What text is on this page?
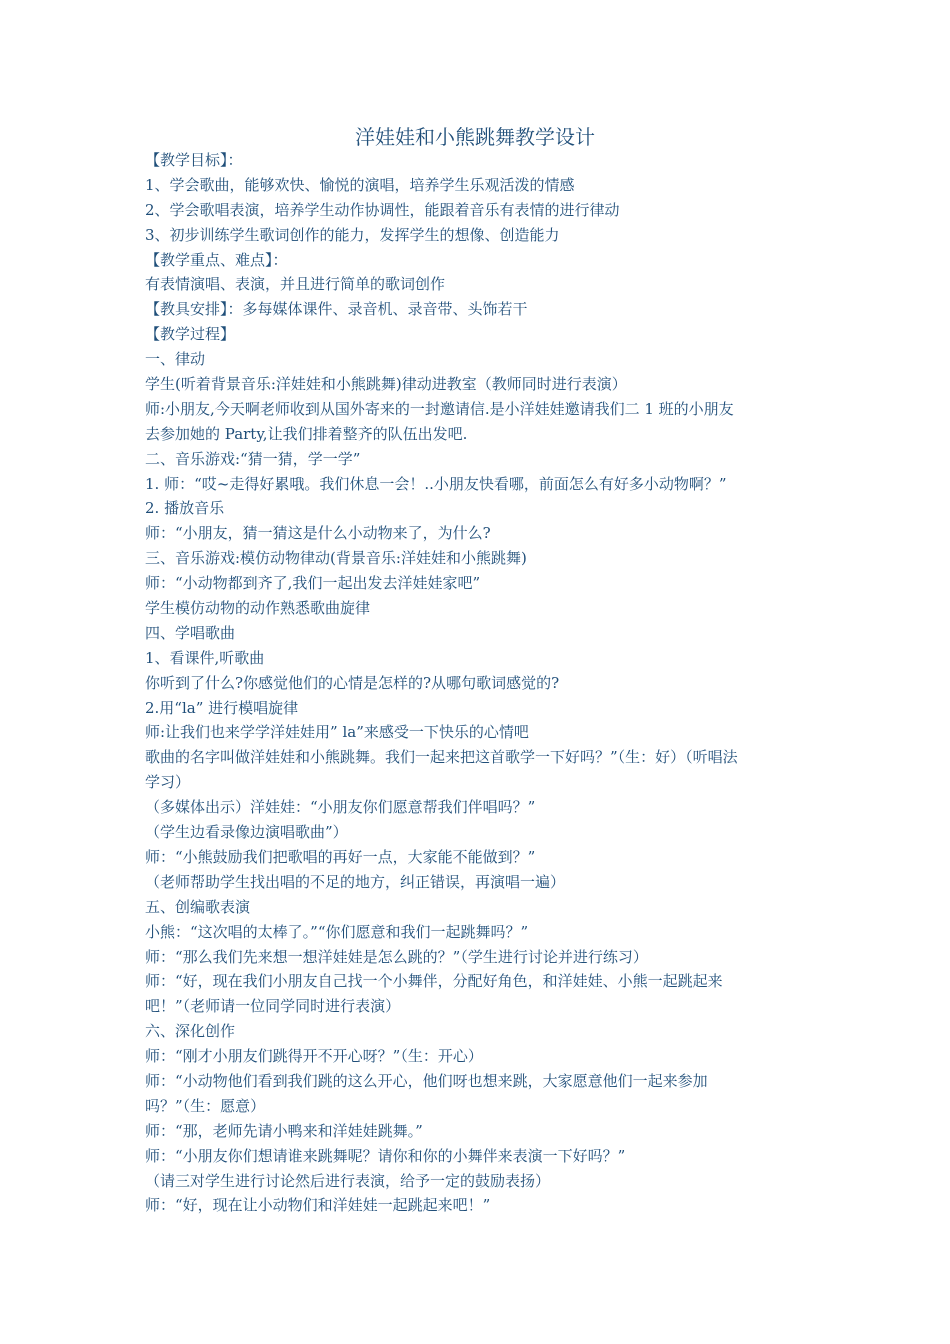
洋娃娃和小熊跳舞教学设计
【教学目标】：
1、学会歌曲，能够欢快、愉悦的演唱，培养学生乐观活泼的情感
2、学会歌唱表演，培养学生动作协调性，能跟着音乐有表情的进行律动
3、初步训练学生歌词创作的能力，发挥学生的想像、创造能力
【教学重点、难点】：
有表情演唱、表演，并且进行简单的歌词创作
【教具安排】：多每媒体课件、录音机、录音带、头饰若干
【教学过程】
一、律动
学生(听着背景音乐:洋娃娃和小熊跳舞)律动进教室（教师同时进行表演）
师:小朋友,今天啊老师收到从国外寄来的一封邀请信.是小洋娃娃邀请我们二 1 班的小朋友
去参加她的 Party,让我们排着整齐的队伍出发吧.
二、音乐游戏:“猜一猜，学一学”
1. 师：“哎~走得好累哦。我们休息一会！..小朋友快看哪，前面怎么有好多小动物啊？”
2. 播放音乐
师：“小朋友，猜一猜这是什么小动物来了，为什么?
三、音乐游戏:模仿动物律动(背景音乐:洋娃娃和小熊跳舞)
师：“小动物都到齐了,我们一起出发去洋娃娃家吧”
学生模仿动物的动作熟悉歌曲旋律
四、学唱歌曲
1、看课件,听歌曲
你听到了什么?你感觉他们的心情是怎样的?从哪句歌词感觉的?
2.用“la” 进行模唱旋律
师:让我们也来学学洋娃娃用” la”来感受一下快乐的心情吧
歌曲的名字叫做洋娃娃和小熊跳舞。我们一起来把这首歌学一下好吗？”（生：好）（听唱法
学习）
（多媒体出示）洋娃娃：“小朋友你们愿意帮我们伴唱吗？”
（学生边看录像边演唱歌曲”）
师：“小熊鼓励我们把歌唱的再好一点，大家能不能做到？”
（老师帮助学生找出唱的不足的地方，纠正错误，再演唱一遍）
五、创编歌表演
小熊：“这次唱的太棒了。”“你们愿意和我们一起跳舞吗？”
师：“那么我们先来想一想洋娃娃是怎么跳的？”（学生进行讨论并进行练习）
师：“好，现在我们小朋友自己找一个小舞伴，分配好角色，和洋娃娃、小熊一起跳起来
吧！”（老师请一位同学同时进行表演）
六、深化创作
师：“刚才小朋友们跳得开不开心呀？”（生：开心）
师：“小动物他们看到我们跳的这么开心，他们呀也想来跳，大家愿意他们一起来参加
吗？”（生：愿意）
师：“那，老师先请小鸭来和洋娃娃跳舞。”
师：“小朋友你们想请谁来跳舞呢？请你和你的小舞伴来表演一下好吗？”
（请三对学生进行讨论然后进行表演，给予一定的鼓励表扬）
师：“好，现在让小动物们和洋娃娃一起跳起来吧！”
